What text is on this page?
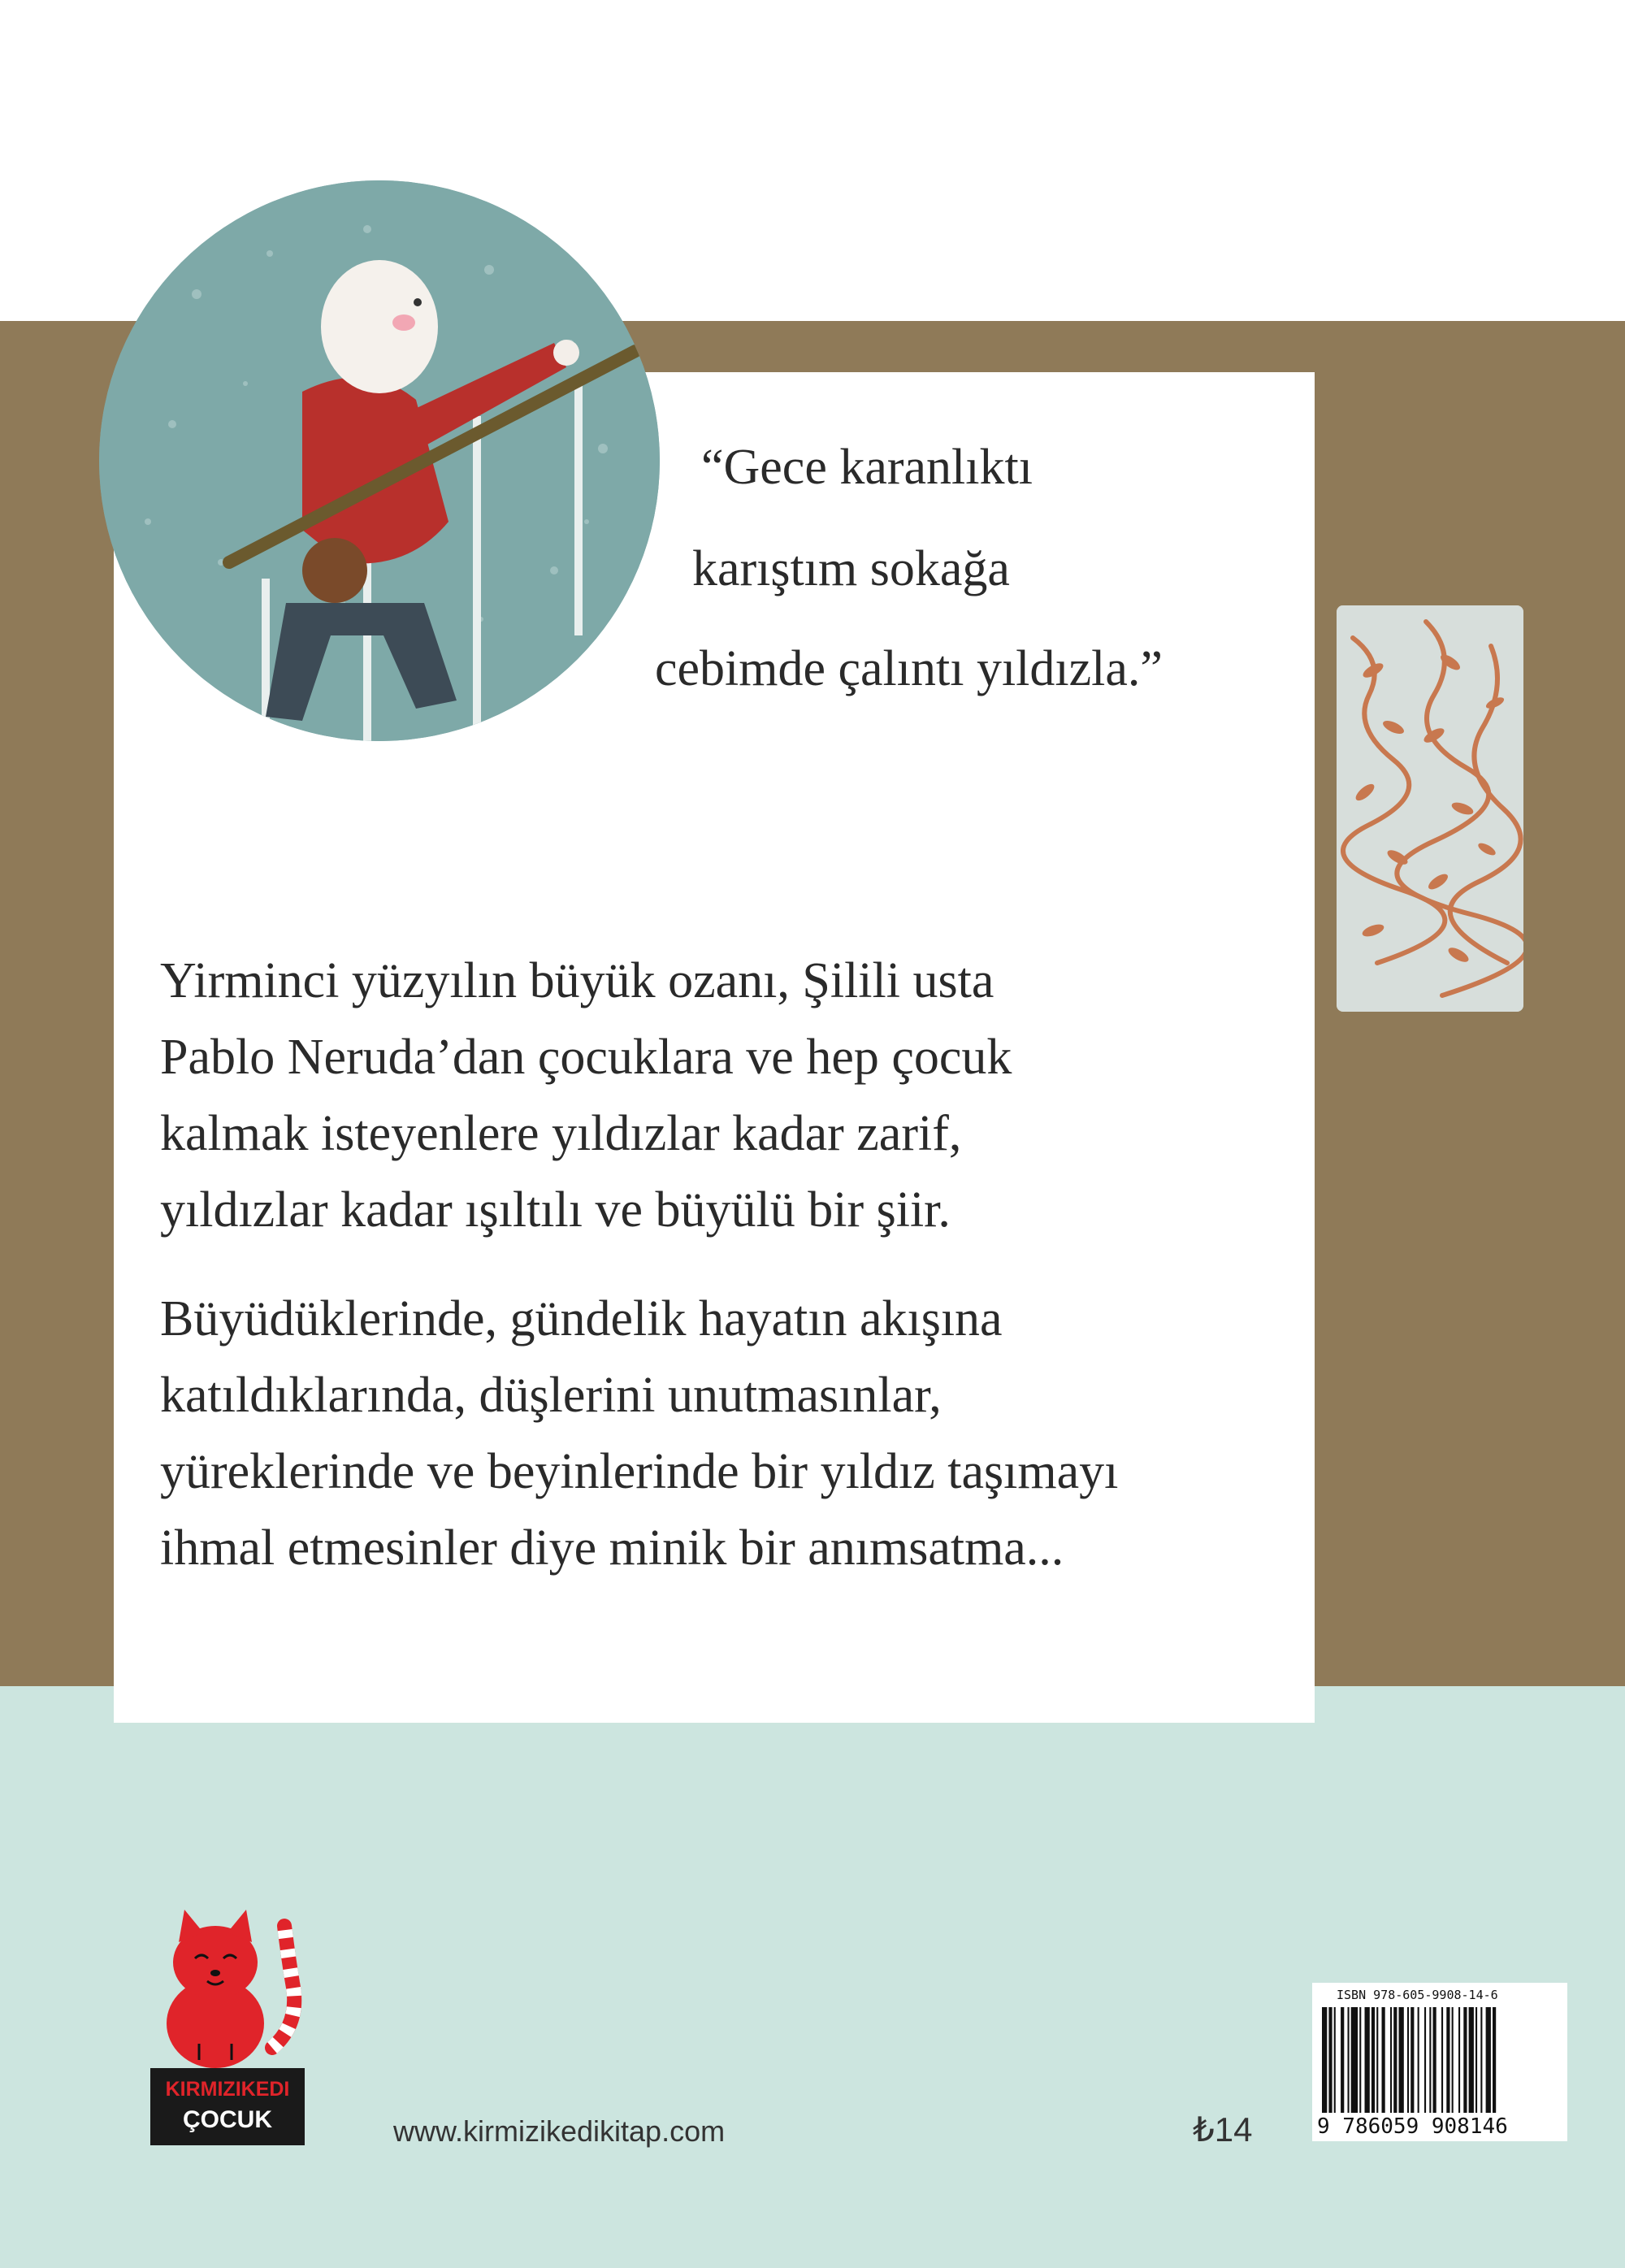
“Gece karanlıktı
karıştım sokağa
cebimde çalıntı yıldızla.”
Yirminci yüzyılın büyük ozanı, Şilili usta
Pablo Neruda’dan çocuklara ve hep çocuk
kalmak isteyenlere yıldızlar kadar zarif,
yıldızlar kadar ışıltılı ve büyülü bir şiir.
Büyüdüklerinde, gündelik hayatın akışına
katıldıklarında, düşlerini unutmasınlar,
yüreklerinde ve beyinlerinde bir yıldız taşımayı
ihmal etmesinler diye minik bir anımsatma...
KIRMIZIKEDI
ÇOCUK	www.kirmizikedikitap.com	₺14
ISBN 978-605-9908-14-6
9 786059 908146
